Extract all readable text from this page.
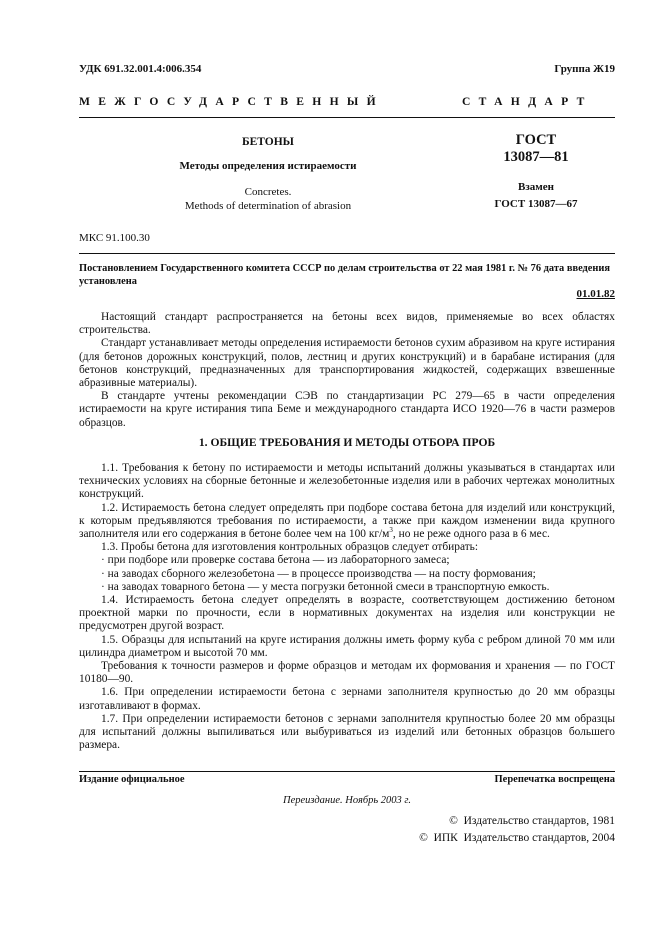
УДК 691.32.001.4:006.354	Группа Ж19
МЕЖГОСУДАРСТВЕННЫЙ	СТАНДАРТ
БЕТОНЫ
Методы определения истираемости
Concretes.
Methods of determination of abrasion
ГОСТ
13087—81
Взамен
ГОСТ 13087—67
МКС 91.100.30
Постановлением Государственного комитета СССР по делам строительства от 22 мая 1981 г. № 76 дата введения установлена
01.01.82

Настоящий стандарт распространяется на бетоны всех видов, применяемые во всех областях строительства.

Стандарт устанавливает методы определения истираемости бетонов сухим абразивом на круге истирания (для бетонов дорожных конструкций, полов, лестниц и других конструкций) и в барабане истирания (для бетонов конструкций, предназначенных для транспортирования жидкостей, содержащих взвешенные абразивные материалы).

В стандарте учтены рекомендации СЭВ по стандартизации РС 279—65 в части определения истираемости на круге истирания типа Беме и международного стандарта ИСО 1920—76 в части размеров образцов.

1. ОБЩИЕ ТРЕБОВАНИЯ И МЕТОДЫ ОТБОРА ПРОБ

1.1. Требования к бетону по истираемости и методы испытаний должны указываться в стандартах или технических условиях на сборные бетонные и железобетонные изделия или в рабочих чертежах монолитных конструкций.

1.2. Истираемость бетона следует определять при подборе состава бетона для изделий или конструкций, к которым предъявляются требования по истираемости, а также при каждом изменении вида крупного заполнителя или его содержания в бетоне более чем на 100 $кг/м^3$, но не реже одного раза в 6 мес.

1.3. Пробы бетона для изготовления контрольных образцов следует отбирать:

· при подборе или проверке состава бетона — из лабораторного замеса;
· на заводах сборного железобетона — в процессе производства — на посту формования;
· на заводах товарного бетона — у места погрузки бетонной смеси в транспортную емкость.

1.4. Истираемость бетона следует определять в возрасте, соответствующем достижению бетоном проектной марки по прочности, если в нормативных документах на изделия или конструкции не предусмотрен другой возраст.

1.5. Образцы для испытаний на круге истирания должны иметь форму куба с ребром длиной 70 мм или цилиндра диаметром и высотой 70 мм.

Требования к точности размеров и форме образцов и методам их формования и хранения — по ГОСТ 10180—90.

1.6. При определении истираемости бетона с зернами заполнителя крупностью до 20 мм образцы изготавливают в формах.

1.7. При определении истираемости бетонов с зернами заполнителя крупностью более 20 мм образцы для испытаний должны выпиливаться или выбуриваться из изделий или бетонных образцов большего размера.

Издание официальное	Перепечатка воспрещена
Переиздание. Ноябрь 2003 г.
©  Издательство стандартов, 1981
©  ИПК  Издательство стандартов, 2004
